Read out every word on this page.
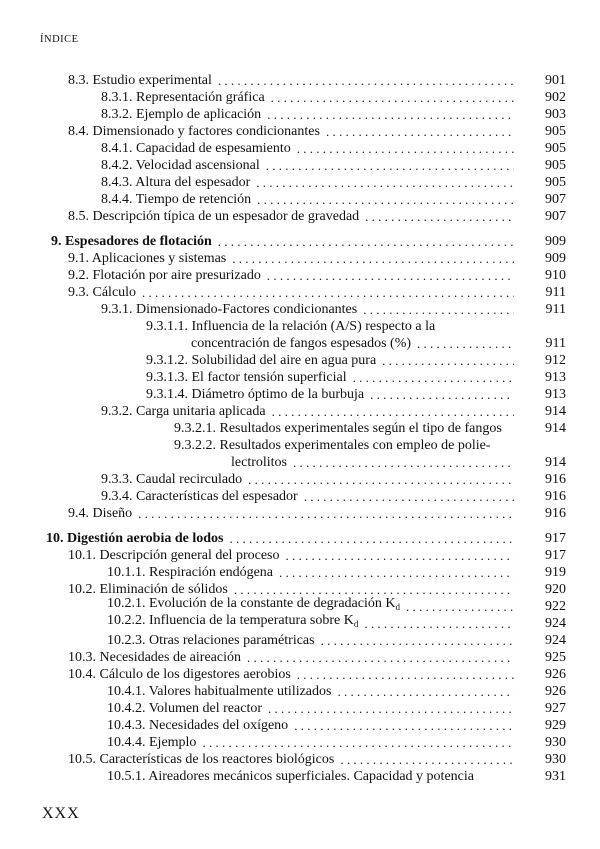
ÍNDICE
8.3. Estudio experimental . . .	901
8.3.1. Representación gráfica . . .	902
8.3.2. Ejemplo de aplicación . . .	903
8.4. Dimensionado y factores condicionantes . . .	905
8.4.1. Capacidad de espesamiento . . .	905
8.4.2. Velocidad ascensional . . .	905
8.4.3. Altura del espesador . . .	905
8.4.4. Tiempo de retención . . .	907
8.5. Descripción típica de un espesador de gravedad . . .	907
9. Espesadores de flotación . . .	909
9.1. Aplicaciones y sistemas . . .	909
9.2. Flotación por aire presurizado . . .	910
9.3. Cálculo . . .	911
9.3.1. Dimensionado-Factores condicionantes . . .	911
9.3.1.1. Influencia de la relación (A/S) respecto a la
concentración de fangos espesados (%) . . .	911
9.3.1.2. Solubilidad del aire en agua pura . . .	912
9.3.1.3. El factor tensión superficial . . .	913
9.3.1.4. Diámetro óptimo de la burbuja . . .	913
9.3.2. Carga unitaria aplicada . . .	914
9.3.2.1. Resultados experimentales según el tipo de fangos	914
9.3.2.2. Resultados experimentales con empleo de polie-
lectrolitos . . .	914
9.3.3. Caudal recirculado . . .	916
9.3.4. Características del espesador . . .	916
9.4. Diseño . . .	916
10. Digestión aerobia de lodos . . .	917
10.1. Descripción general del proceso . . .	917
10.1.1. Respiración endógena . . .	919
10.2. Eliminación de sólidos . . .	920
10.2.1. Evolución de la constante de degradación $K_d$ . . .	922
10.2.2. Influencia de la temperatura sobre $K_d$ . . .	924
10.2.3. Otras relaciones paramétricas . . .	924
10.3. Necesidades de aireación . . .	925
10.4. Cálculo de los digestores aerobios . . .	926
10.4.1. Valores habitualmente utilizados . . .	926
10.4.2. Volumen del reactor . . .	927
10.4.3. Necesidades del oxígeno . . .	929
10.4.4. Ejemplo . . .	930
10.5. Características de los reactores biológicos . . .	930
10.5.1. Aireadores mecánicos superficiales. Capacidad y potencia	931
XXX
